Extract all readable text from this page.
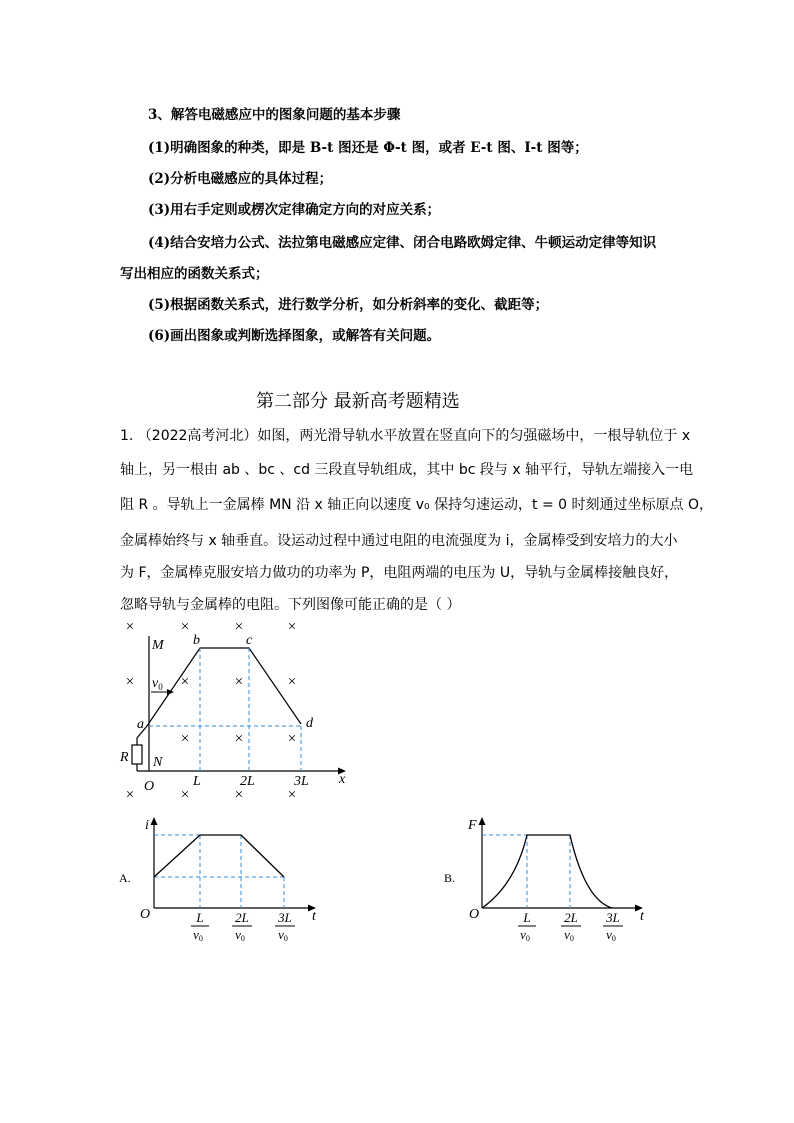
3、解答电磁感应中的图象问题的基本步骤
(1)明确图象的种类，即是 B-t 图还是 Φ-t 图，或者 E-t 图、I-t 图等；
(2)分析电磁感应的具体过程；
(3)用右手定则或楞次定律确定方向的对应关系；
(4)结合安培力公式、法拉第电磁感应定律、闭合电路欧姆定律、牛顿运动定律等知识
写出相应的函数关系式；
(5)根据函数关系式，进行数学分析，如分析斜率的变化、截距等；
(6)画出图象或判断选择图象，或解答有关问题。
第二部分 最新高考题精选
1. （2022高考河北）如图，两光滑导轨水平放置在竖直向下的匀强磁场中，一根导轨位于 x
轴上，另一根由 ab 、bc 、cd 三段直导轨组成，其中 bc 段与 x 轴平行，导轨左端接入一电
阻 R 。导轨上一金属棒 MN 沿 x 轴正向以速度 v₀ 保持匀速运动，t = 0 时刻通过坐标原点 O，
金属棒始终与 x 轴垂直。设运动过程中通过电阻的电流强度为 i，金属棒受到安培力的大小
为 F，金属棒克服安培力做功的功率为 P，电阻两端的电压为 U，导轨与金属棒接触良好，
忽略导轨与金属棒的电阻。下列图像可能正确的是（ ）
×	×	×	×
×	×	×	×
×	×	×
×	×	×	×
M
N
R
O	x
a
b	c
d
L	2L	3L
$v_0$
A.
i
t
O	L
v0
2L
v0
3L
v0
B.
F
t
O	L
v0
2L
v0
3L
v0
